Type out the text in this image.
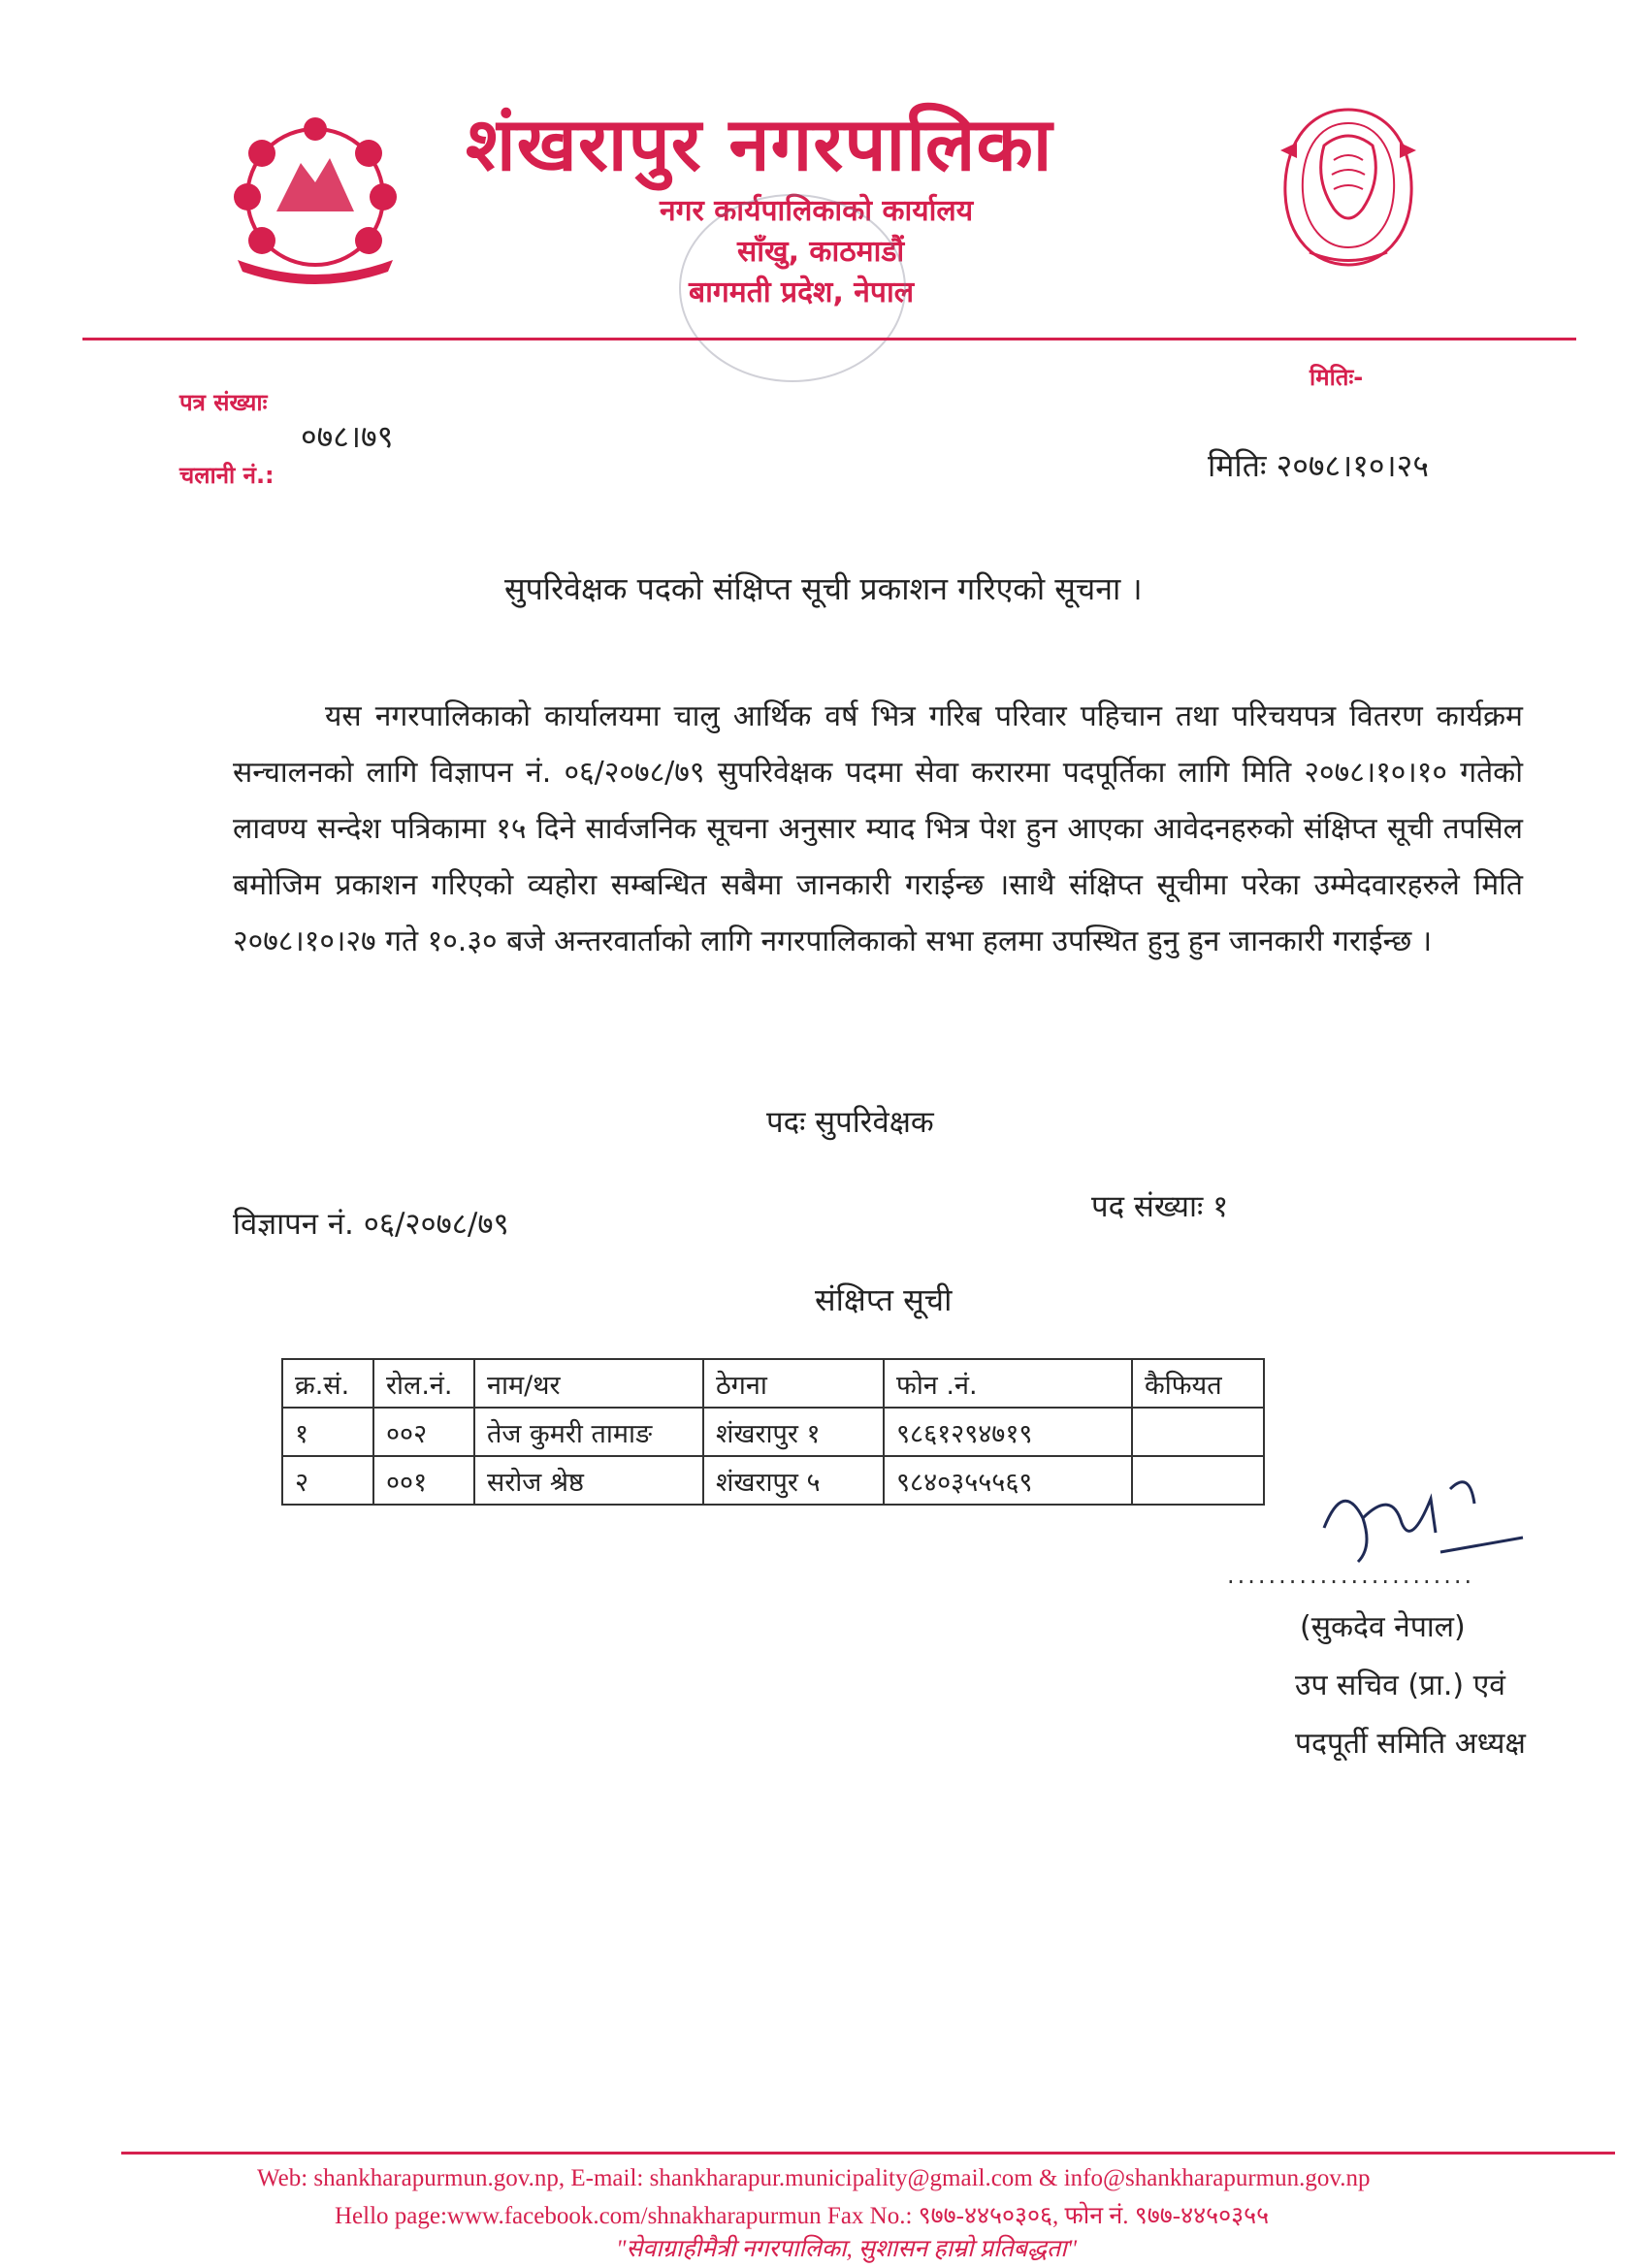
शंखरापुर नगरपालिका
नगर कार्यपालिकाको कार्यालय
साँखु, काठमाडौं
बागमती प्रदेश, नेपाल
पत्र संख्याः
चलानी नं.:
मितिः-
०७८।७९
मितिः २०७८।१०।२५
सुपरिवेक्षक पदको संक्षिप्त सूची प्रकाशन गरिएको सूचना ।
यस नगरपालिकाको कार्यालयमा चालु आर्थिक वर्ष भित्र गरिब परिवार पहिचान तथा परिचयपत्र वितरण कार्यक्रम सन्चालनको लागि विज्ञापन नं. ०६/२०७८/७९ सुपरिवेक्षक पदमा सेवा करारमा पदपूर्तिका लागि मिति २०७८।१०।१० गतेको लावण्य सन्देश पत्रिकामा १५ दिने सार्वजनिक सूचना अनुसार म्याद भित्र पेश हुन आएका आवेदनहरुको संक्षिप्त सूची तपसिल बमोजिम प्रकाशन गरिएको व्यहोरा सम्बन्धित सबैमा जानकारी गराईन्छ ।साथै संक्षिप्त सूचीमा परेका उम्मेदवारहरुले मिति २०७८।१०।२७ गते १०.३० बजे अन्तरवार्ताको लागि नगरपालिकाको सभा हलमा उपस्थित हुनु हुन जानकारी गराईन्छ ।
पदः सुपरिवेक्षक
पद संख्याः १
विज्ञापन नं. ०६/२०७८/७९
संक्षिप्त सूची
क्र.सं.	रोल.नं.	नाम/थर	ठेगना	फोन .नं.	कैफियत
१	००२	तेज कुमरी तामाङ	शंखरापुर १	९८६१२९४७१९	
२	००१	सरोज श्रेष्ठ	शंखरापुर ५	९८४०३५५५६९	
........................
(सुकदेव नेपाल)
उप सचिव (प्रा.) एवं
पदपूर्ती समिति अध्यक्ष
Web: shankharapurmun.gov.np, E-mail: shankharapur.municipality@gmail.com & info@shankharapurmun.gov.np
Hello page:www.facebook.com/shnakharapurmun Fax No.: ९७७-४४५०३०६, फोन नं. ९७७-४४५०३५५
"सेवाग्राहीमैत्री नगरपालिका, सुशासन हाम्रो प्रतिबद्धता"
